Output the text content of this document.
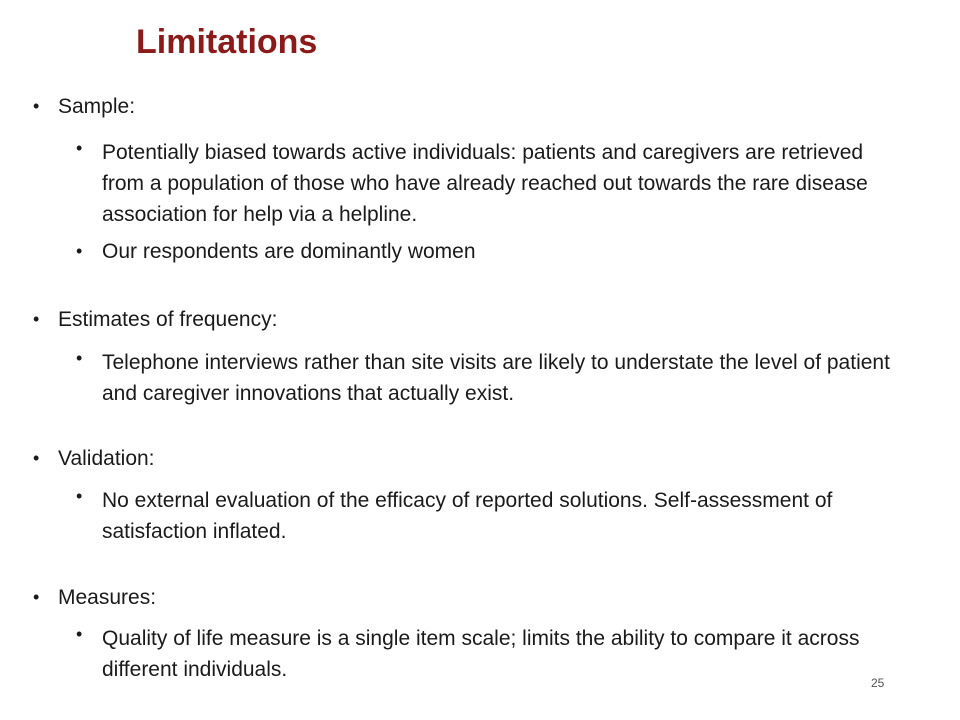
Limitations
• Sample:
• Potentially biased towards active individuals: patients and caregivers are retrieved from a population of those who have already reached out towards the rare disease association for help via a helpline.
• Our respondents are dominantly women
• Estimates of frequency:
• Telephone interviews rather than site visits are likely to understate the level of patient and caregiver innovations that actually exist.
• Validation:
• No external evaluation of the efficacy of reported solutions. Self-assessment of satisfaction inflated.
• Measures:
• Quality of life measure is a single item scale; limits the ability to compare it across different individuals.
25
